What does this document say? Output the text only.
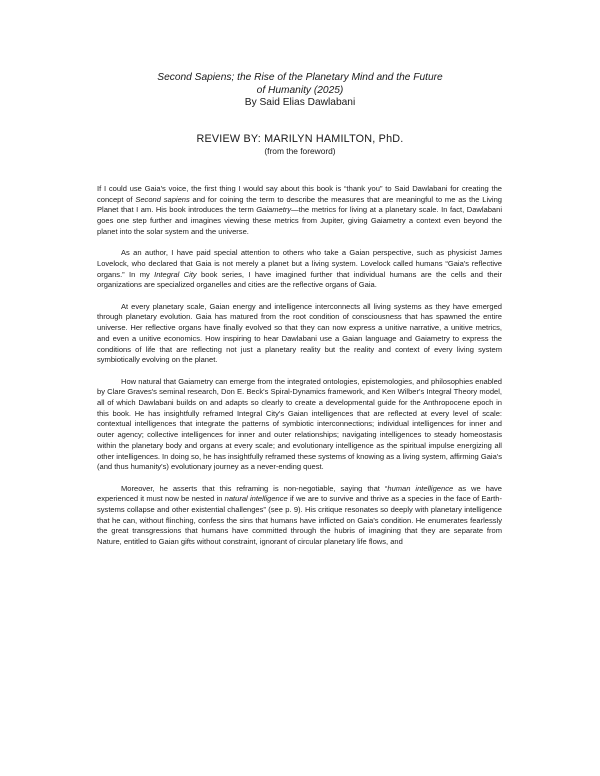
Second Sapiens; the Rise of the Planetary Mind and the Future
of Humanity (2025)
By Said Elias Dawlabani
REVIEW BY: MARILYN HAMILTON, PhD.
(from the foreword)

If I could use Gaia's voice, the first thing I would say about this book is “thank you” to Said Dawlabani for creating the concept of Second sapiens and for coining the term to describe the measures that are meaningful to me as the Living Planet that I am. His book introduces the term Gaiametry—the metrics for living at a planetary scale. In fact, Dawlabani goes one step further and imagines viewing these metrics from Jupiter, giving Gaiametry a context even beyond the planet into the solar system and the universe.

As an author, I have paid special attention to others who take a Gaian perspective, such as physicist James Lovelock, who declared that Gaia is not merely a planet but a living system. Lovelock called humans “Gaia's reflective organs.” In my Integral City book series, I have imagined further that individual humans are the cells and their organizations are specialized organelles and cities are the reflective organs of Gaia.

At every planetary scale, Gaian energy and intelligence interconnects all living systems as they have emerged through planetary evolution. Gaia has matured from the root condition of consciousness that has spawned the entire universe. Her reflective organs have finally evolved so that they can now express a unitive narrative, a unitive metrics, and even a unitive economics. How inspiring to hear Dawlabani use a Gaian language and Gaiametry to express the conditions of life that are reflecting not just a planetary reality but the reality and context of every living system symbiotically evolving on the planet.

How natural that Gaiametry can emerge from the integrated ontologies, epistemologies, and philosophies enabled by Clare Graves's seminal research, Don E. Beck's Spiral-Dynamics framework, and Ken Wilber's Integral Theory model, all of which Dawlabani builds on and adapts so clearly to create a developmental guide for the Anthropocene epoch in this book. He has insightfully reframed Integral City's Gaian intelligences that are reflected at every level of scale: contextual intelligences that integrate the patterns of symbiotic interconnections; individual intelligences for inner and outer agency; collective intelligences for inner and outer relationships; navigating intelligences to steady homeostasis within the planetary body and organs at every scale; and evolutionary intelligence as the spiritual impulse energizing all other intelligences. In doing so, he has insightfully reframed these systems of knowing as a living system, affirming Gaia's (and thus humanity's) evolutionary journey as a never-ending quest.

Moreover, he asserts that this reframing is non-negotiable, saying that “human intelligence as we have experienced it must now be nested in natural intelligence if we are to survive and thrive as a species in the face of Earth-systems collapse and other existential challenges” (see p. 9). His critique resonates so deeply with planetary intelligence that he can, without flinching, confess the sins that humans have inflicted on Gaia's condition. He enumerates fearlessly the great transgressions that humans have committed through the hubris of imagining that they are separate from Nature, entitled to Gaian gifts without constraint, ignorant of circular planetary life flows, and
